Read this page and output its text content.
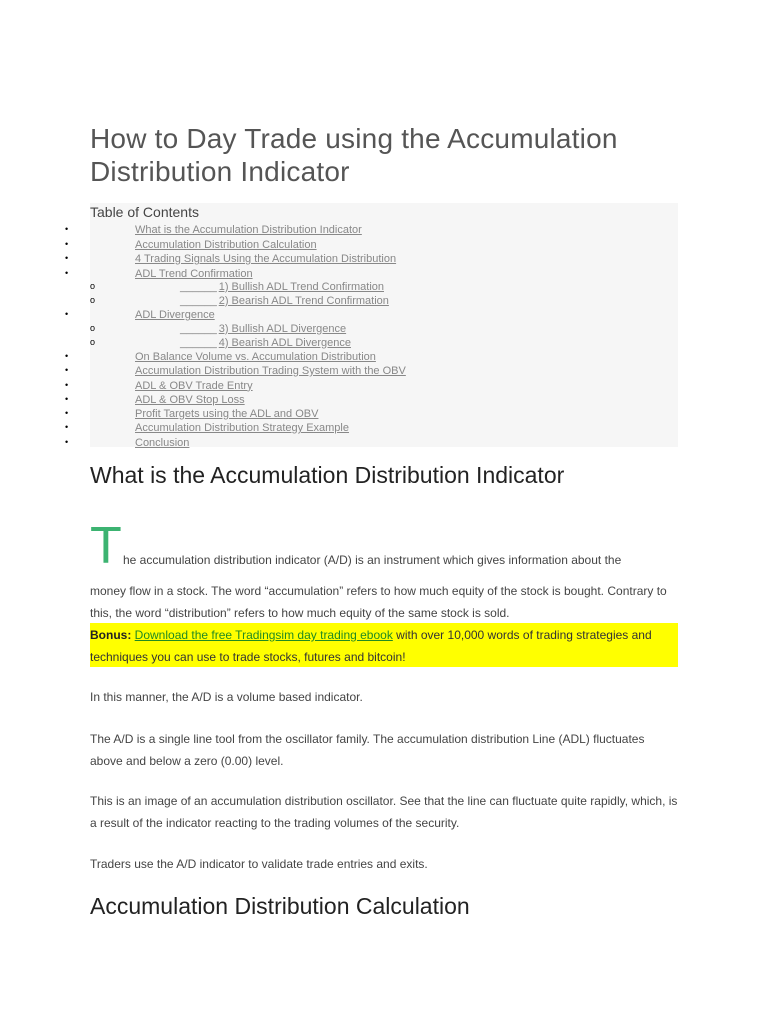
How to Day Trade using the Accumulation Distribution Indicator
Table of Contents
•	What is the Accumulation Distribution Indicator
•	Accumulation Distribution Calculation
•	4 Trading Signals Using the Accumulation Distribution
•	ADL Trend Confirmation
o	______ 1) Bullish ADL Trend Confirmation
o	______ 2) Bearish ADL Trend Confirmation
•	ADL Divergence
o	______ 3) Bullish ADL Divergence
o	______ 4) Bearish ADL Divergence
•	On Balance Volume vs. Accumulation Distribution
•	Accumulation Distribution Trading System with the OBV
•	ADL & OBV Trade Entry
•	ADL & OBV Stop Loss
•	Profit Targets using the ADL and OBV
•	Accumulation Distribution Strategy Example
•	Conclusion
What is the Accumulation Distribution Indicator
T he accumulation distribution indicator (A/D) is an instrument which gives information about the

money flow in a stock. The word “accumulation” refers to how much equity of the stock is bought. Contrary to this, the word “distribution” refers to how much equity of the same stock is sold.

Bonus: Download the free Tradingsim day trading ebook with over 10,000 words of trading strategies and techniques you can use to trade stocks, futures and bitcoin!

In this manner, the A/D is a volume based indicator.

The A/D is a single line tool from the oscillator family. The accumulation distribution Line (ADL) fluctuates above and below a zero (0.00) level.

This is an image of an accumulation distribution oscillator. See that the line can fluctuate quite rapidly, which, is a result of the indicator reacting to the trading volumes of the security.

Traders use the A/D indicator to validate trade entries and exits.

Accumulation Distribution Calculation
